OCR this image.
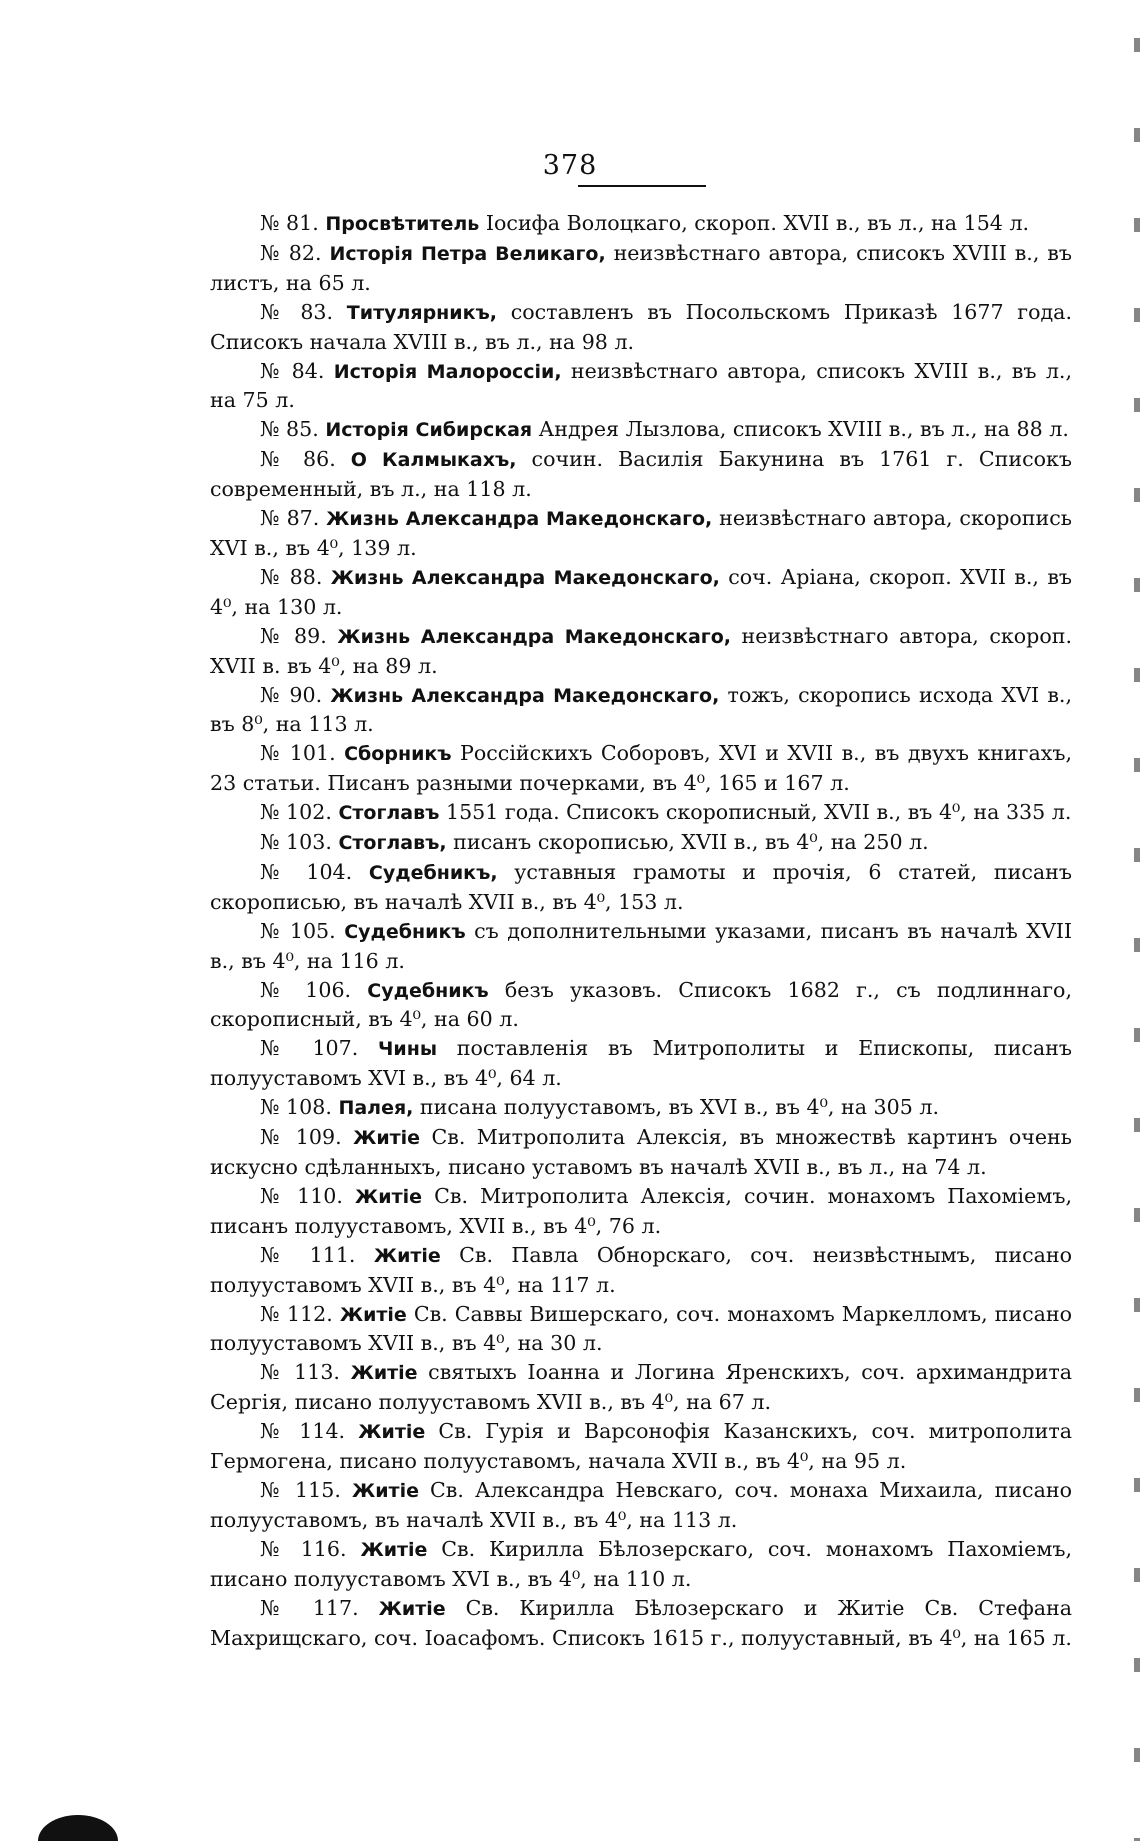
378

№ 81. Просвѣтитель Іосифа Волоцкаго, скороп. XVII в., въ л., на 154 л.

№ 82. Исторія Петра Великаго, неизвѣстнаго автора, списокъ XVIII в., въ листъ, на 65 л.

№ 83. Титулярникъ, составленъ въ Посольскомъ Приказѣ 1677 года. Списокъ начала XVIII в., въ л., на 98 л.

№ 84. Исторія Малороссіи, неизвѣстнаго автора, списокъ XVIII в., въ л., на 75 л.

№ 85. Исторія Сибирская Андрея Лызлова, списокъ XVIII в., въ л., на 88 л.

№ 86. О Калмыкахъ, сочин. Василія Бакунина въ 1761 г. Списокъ современный, въ л., на 118 л.

№ 87. Жизнь Александра Македонскаго, неизвѣстнаго автора, скоропись XVI в., въ 4⁰, 139 л.

№ 88. Жизнь Александра Македонскаго, соч. Аріана, скороп. XVII в., въ 4⁰, на 130 л.

№ 89. Жизнь Александра Македонскаго, неизвѣстнаго автора, скороп. XVII в. въ 4⁰, на 89 л.

№ 90. Жизнь Александра Македонскаго, тожъ, скоропись исхода XVI в., въ 8⁰, на 113 л.

№ 101. Сборникъ Россійскихъ Соборовъ, XVI и XVII в., въ двухъ книгахъ, 23 статьи. Писанъ разными почерками, въ 4⁰, 165 и 167 л.

№ 102. Стоглавъ 1551 года. Списокъ скорописный, XVII в., въ 4⁰, на 335 л.

№ 103. Стоглавъ, писанъ скорописью, XVII в., въ 4⁰, на 250 л.

№ 104. Судебникъ, уставныя грамоты и прочія, 6 статей, писанъ скорописью, въ началѣ XVII в., въ 4⁰, 153 л.

№ 105. Судебникъ съ дополнительными указами, писанъ въ началѣ XVII в., въ 4⁰, на 116 л.

№ 106. Судебникъ безъ указовъ. Списокъ 1682 г., съ подлиннаго, скорописный, въ 4⁰, на 60 л.

№ 107. Чины поставленія въ Митрополиты и Епископы, писанъ полууставомъ XVI в., въ 4⁰, 64 л.

№ 108. Палея, писана полууставомъ, въ XVI в., въ 4⁰, на 305 л.

№ 109. Житіе Св. Митрополита Алексія, въ множествѣ картинъ очень искусно сдѣланныхъ, писано уставомъ въ началѣ XVII в., въ л., на 74 л.

№ 110. Житіе Св. Митрополита Алексія, сочин. монахомъ Пахоміемъ, писанъ полууставомъ, XVII в., въ 4⁰, 76 л.

№ 111. Житіе Св. Павла Обнорскаго, соч. неизвѣстнымъ, писано полууставомъ XVII в., въ 4⁰, на 117 л.

№ 112. Житіе Св. Саввы Вишерскаго, соч. монахомъ Маркелломъ, писано полууставомъ XVII в., въ 4⁰, на 30 л.

№ 113. Житіе святыхъ Іоанна и Логина Яренскихъ, соч. архимандрита Сергія, писано полууставомъ XVII в., въ 4⁰, на 67 л.

№ 114. Житіе Св. Гурія и Варсонофія Казанскихъ, соч. митрополита Гермогена, писано полууставомъ, начала XVII в., въ 4⁰, на 95 л.

№ 115. Житіе Св. Александра Невскаго, соч. монаха Михаила, писано полууставомъ, въ началѣ XVII в., въ 4⁰, на 113 л.

№ 116. Житіе Св. Кирилла Бѣлозерскаго, соч. монахомъ Пахоміемъ, писано полууставомъ XVI в., въ 4⁰, на 110 л.

№ 117. Житіе Св. Кирилла Бѣлозерскаго и Житіе Св. Стефана Махрищскаго, соч. Іоасафомъ. Списокъ 1615 г., полууставный, въ 4⁰, на 165 л.
